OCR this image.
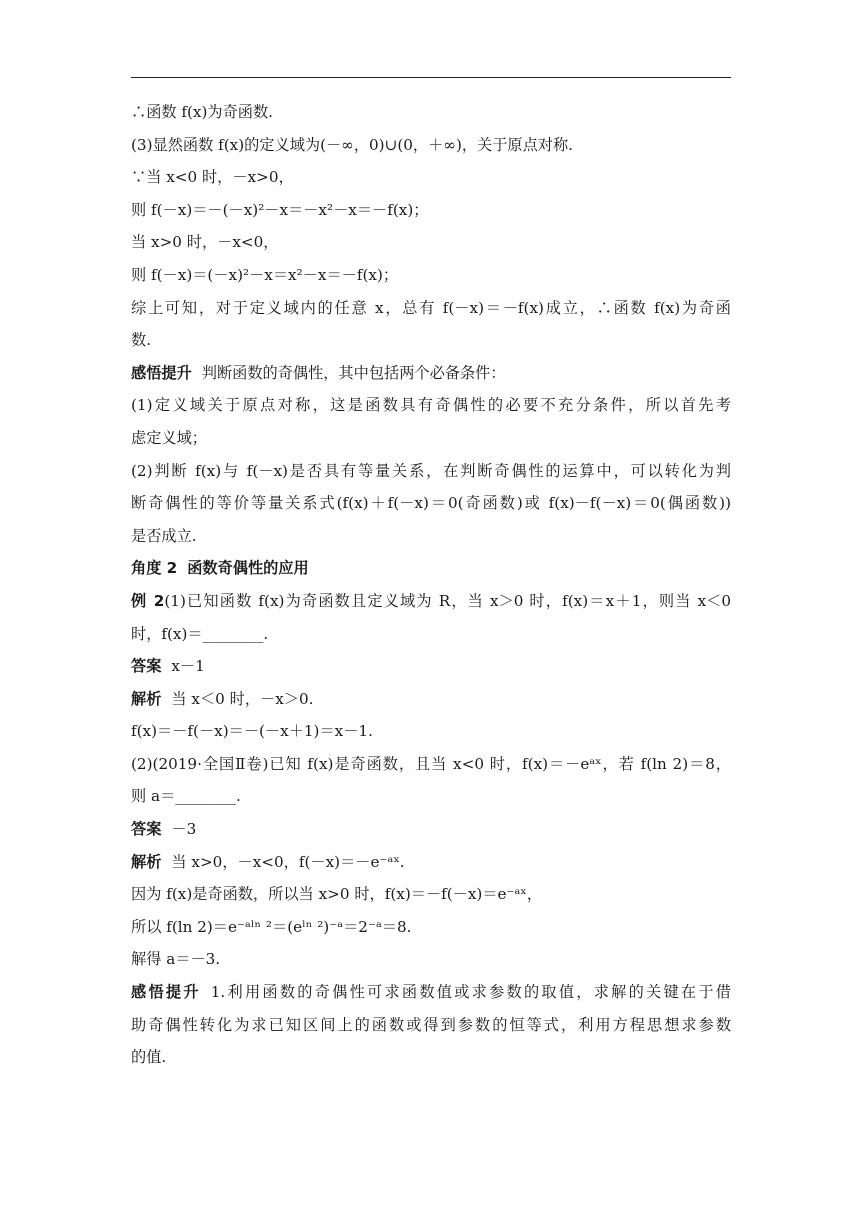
∴函数 f(x)为奇函数.
(3)显然函数 f(x)的定义域为(－∞，0)∪(0，＋∞)，关于原点对称.
∵当 x<0 时，－x>0，
则 f(－x)＝－(－x)²－x＝－x²－x＝－f(x)；
当 x>0 时，－x<0，
则 f(－x)＝(－x)²－x＝x²－x＝－f(x)；
综上可知，对于定义域内的任意 x，总有 f(－x)＝－f(x)成立，∴函数 f(x)为奇函
数.
感悟提升 判断函数的奇偶性，其中包括两个必备条件：
(1)定义域关于原点对称，这是函数具有奇偶性的必要不充分条件，所以首先考
虑定义域；
(2)判断 f(x)与 f(－x)是否具有等量关系，在判断奇偶性的运算中，可以转化为判
断奇偶性的等价等量关系式(f(x)＋f(－x)＝0(奇函数)或 f(x)－f(－x)＝0(偶函数))
是否成立.
角度 2 函数奇偶性的应用
例 2(1)已知函数 f(x)为奇函数且定义域为 R，当 x＞0 时，f(x)＝x＋1，则当 x＜0
时，f(x)＝________.
答案 x－1
解析 当 x＜0 时，－x＞0.
f(x)＝－f(－x)＝－(－x＋1)＝x－1.
(2)(2019·全国Ⅱ卷)已知 f(x)是奇函数，且当 x<0 时，f(x)＝－eᵃˣ，若 f(ln 2)＝8，
则 a＝________.
答案 －3
解析 当 x>0，－x<0，f(－x)＝－e⁻ᵃˣ.
因为 f(x)是奇函数，所以当 x>0 时，f(x)＝－f(－x)＝e⁻ᵃˣ，
所以 f(ln 2)＝e⁻ᵃˡⁿ ²＝(eˡⁿ ²)⁻ᵃ＝2⁻ᵃ＝8.
解得 a＝－3.
感悟提升 1.利用函数的奇偶性可求函数值或求参数的取值，求解的关键在于借
助奇偶性转化为求已知区间上的函数或得到参数的恒等式，利用方程思想求参数
的值.
